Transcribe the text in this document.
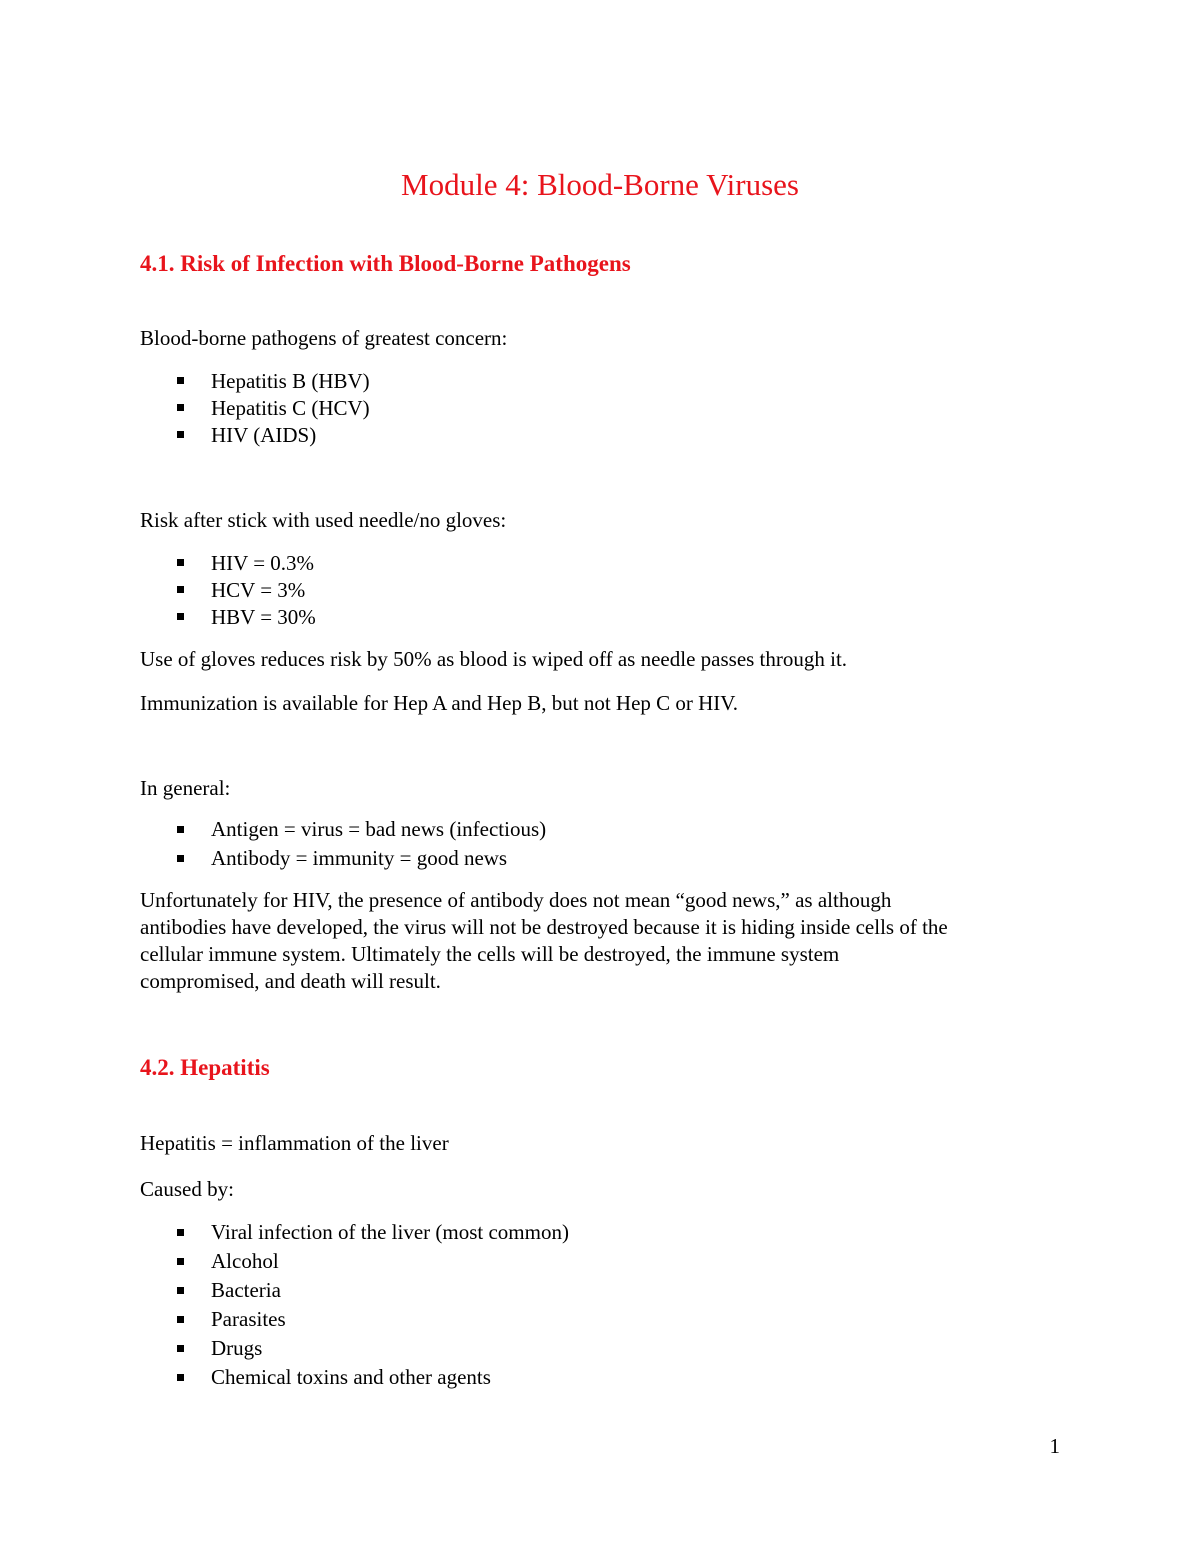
Module 4: Blood-Borne Viruses
4.1. Risk of Infection with Blood-Borne Pathogens
Blood-borne pathogens of greatest concern:
Hepatitis B (HBV)
Hepatitis C (HCV)
HIV (AIDS)
Risk after stick with used needle/no gloves:
HIV = 0.3%
HCV = 3%
HBV = 30%
Use of gloves reduces risk by 50% as blood is wiped off as needle passes through it.
Immunization is available for Hep A and Hep B, but not Hep C or HIV.
In general:
Antigen = virus = bad news (infectious)
Antibody = immunity = good news
Unfortunately for HIV, the presence of antibody does not mean “good news,” as although
antibodies have developed, the virus will not be destroyed because it is hiding inside cells of the
cellular immune system. Ultimately the cells will be destroyed, the immune system
compromised, and death will result.
4.2. Hepatitis
Hepatitis = inflammation of the liver
Caused by:
Viral infection of the liver (most common)
Alcohol
Bacteria
Parasites
Drugs
Chemical toxins and other agents
1
